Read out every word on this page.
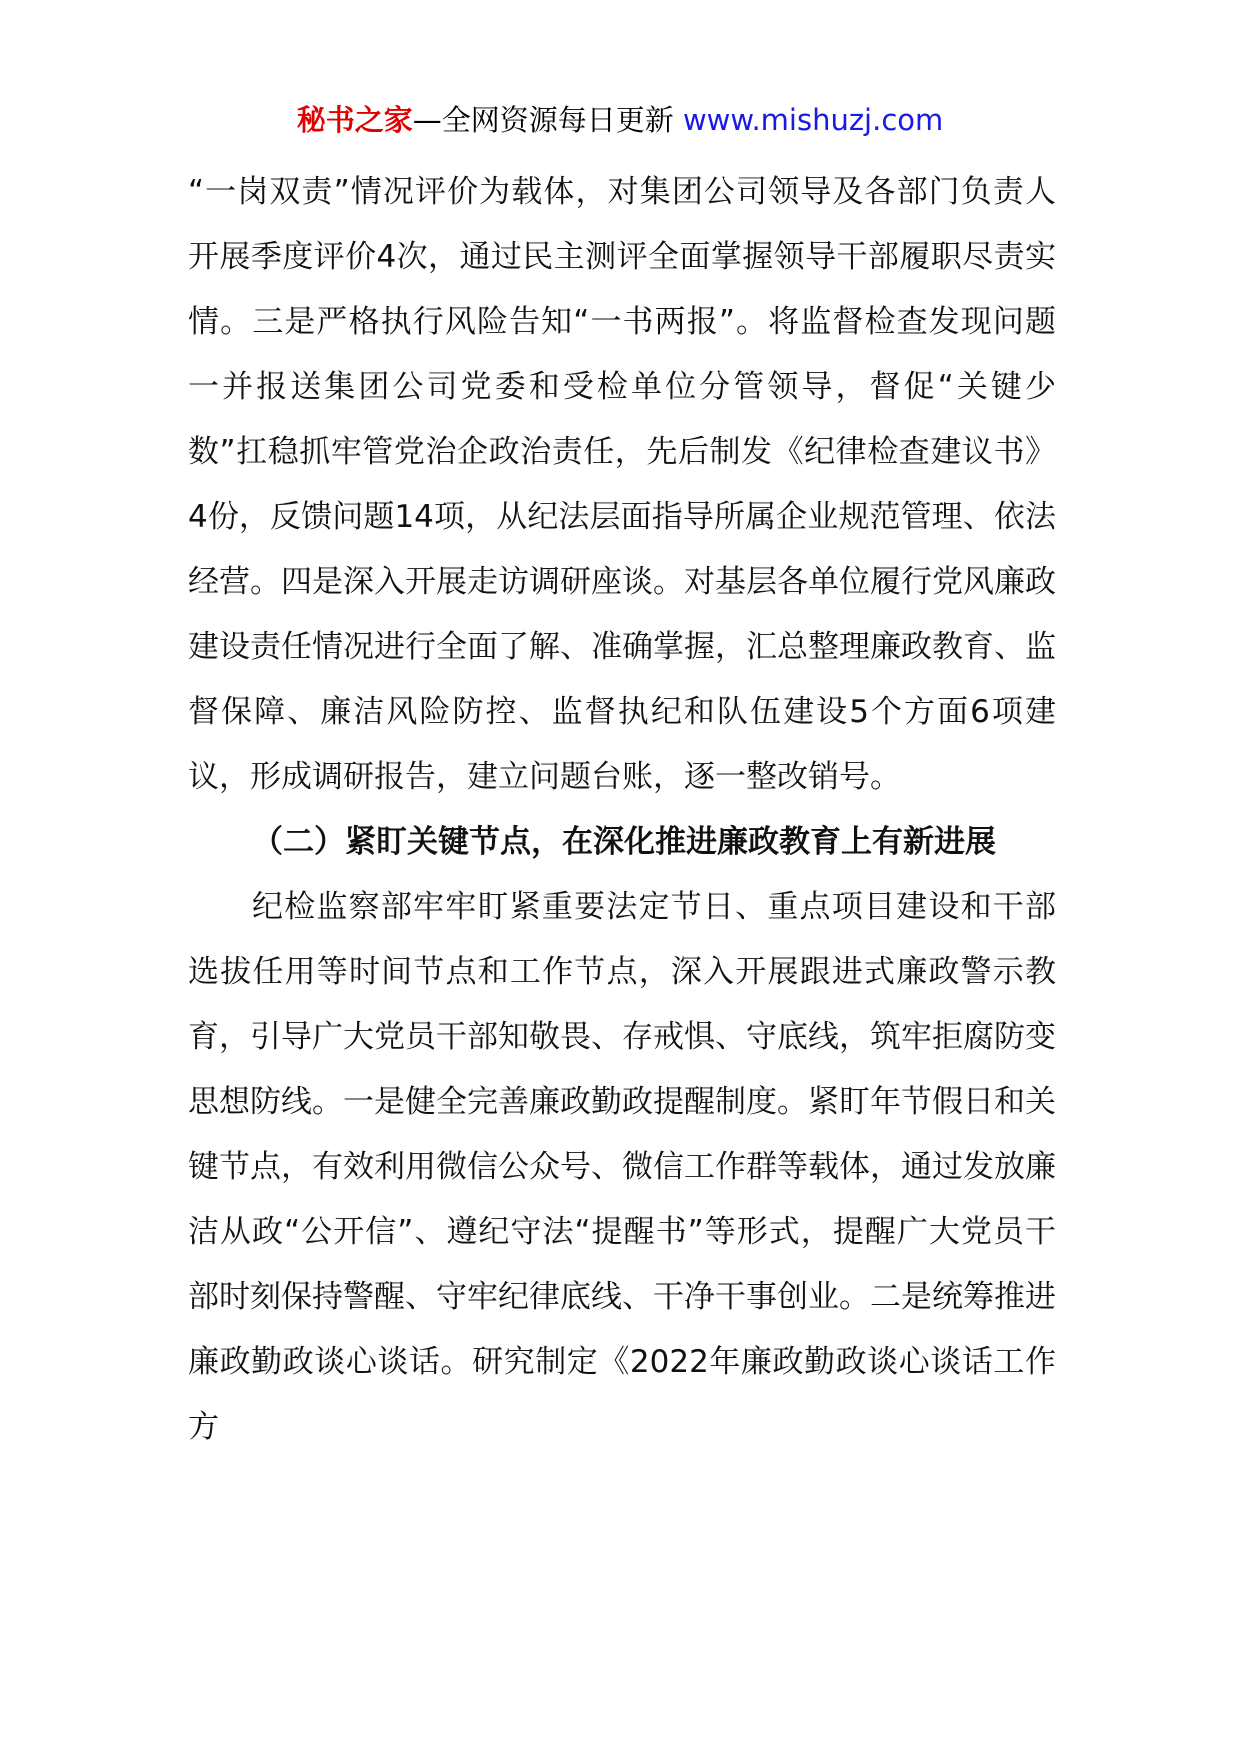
秘书之家—全网资源每日更新 www.mishuzj.com

“一岗双责”情况评价为载体，对集团公司领导及各部门负责人开展季度评价4次，通过民主测评全面掌握领导干部履职尽责实情。三是严格执行风险告知“一书两报”。将监督检查发现问题一并报送集团公司党委和受检单位分管领导，督促“关键少数”扛稳抓牢管党治企政治责任，先后制发《纪律检查建议书》4份，反馈问题14项，从纪法层面指导所属企业规范管理、依法经营。四是深入开展走访调研座谈。对基层各单位履行党风廉政建设责任情况进行全面了解、准确掌握，汇总整理廉政教育、监督保障、廉洁风险防控、监督执纪和队伍建设5个方面6项建议，形成调研报告，建立问题台账，逐一整改销号。

（二）紧盯关键节点，在深化推进廉政教育上有新进展

纪检监察部牢牢盯紧重要法定节日、重点项目建设和干部选拔任用等时间节点和工作节点，深入开展跟进式廉政警示教育，引导广大党员干部知敬畏、存戒惧、守底线，筑牢拒腐防变思想防线。一是健全完善廉政勤政提醒制度。紧盯年节假日和关键节点，有效利用微信公众号、微信工作群等载体，通过发放廉洁从政“公开信”、遵纪守法“提醒书”等形式，提醒广大党员干部时刻保持警醒、守牢纪律底线、干净干事创业。二是统筹推进廉政勤政谈心谈话。研究制定《2022年廉政勤政谈心谈话工作方
